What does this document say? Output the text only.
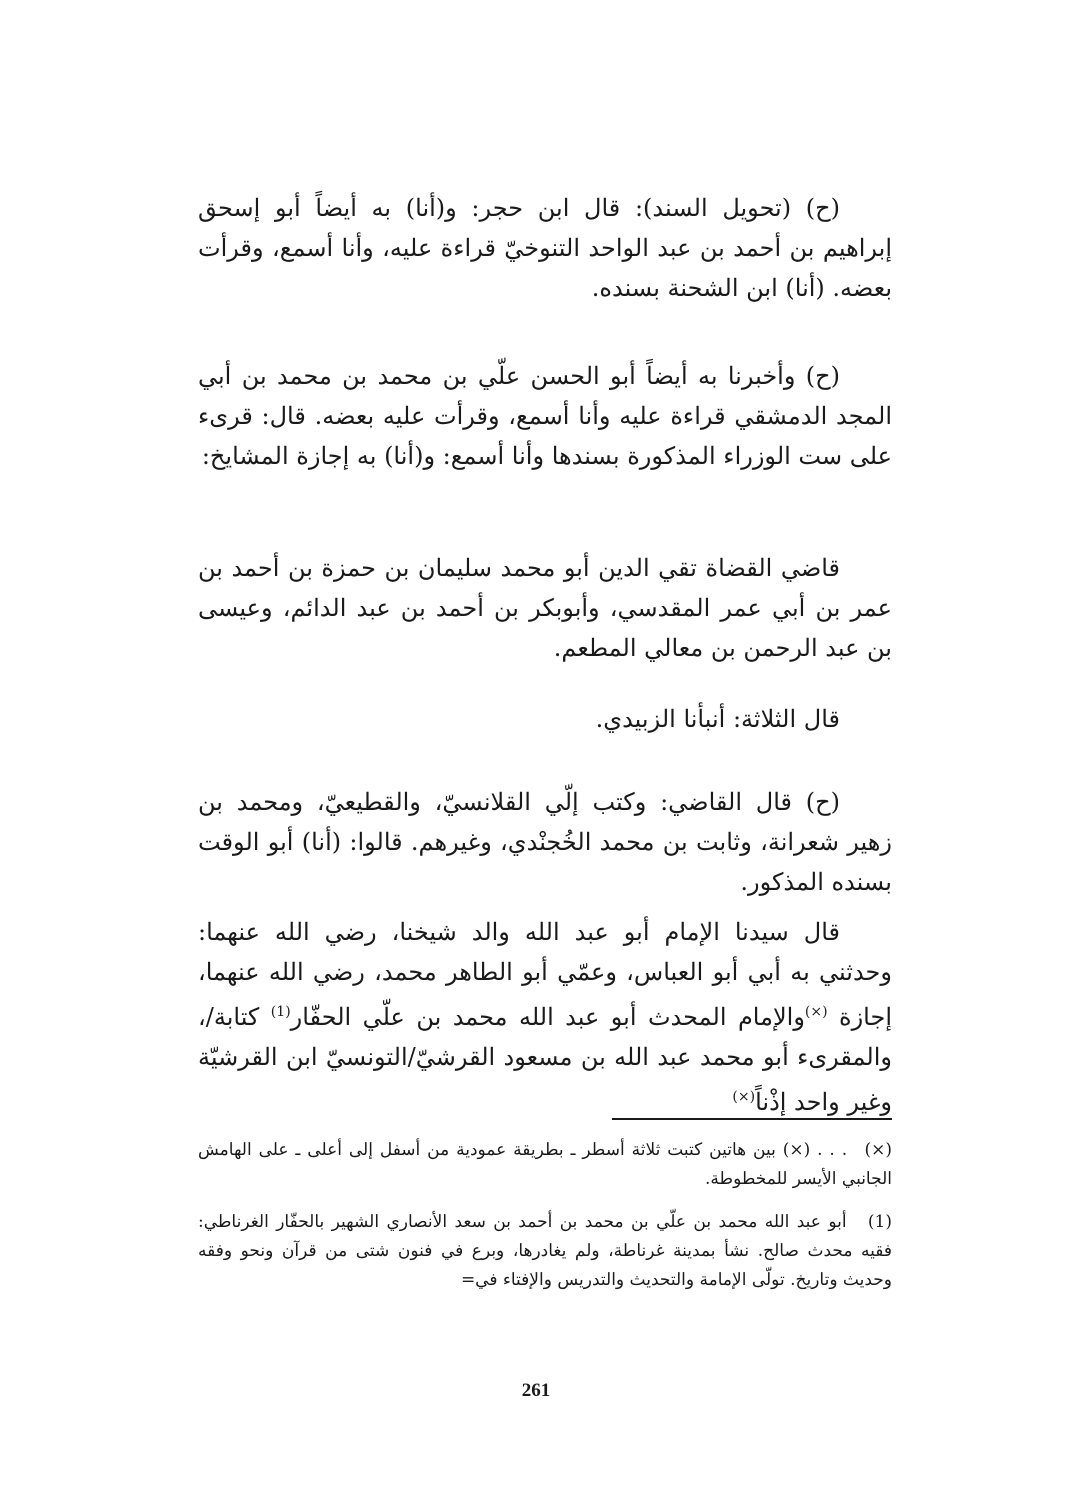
(ح) (تحويل السند): قال ابن حجر: و(أنا) به أيضاً أبو إسحق إبراهيم بن أحمد بن عبد الواحد التنوخيّ قراءة عليه، وأنا أسمع، وقرأت بعضه. (أنا) ابن الشحنة بسنده.

(ح) وأخبرنا به أيضاً أبو الحسن علّي بن محمد بن محمد بن أبي المجد الدمشقي قراءة عليه وأنا أسمع، وقرأت عليه بعضه. قال: قرىء على ست الوزراء المذكورة بسندها وأنا أسمع: و(أنا) به إجازة المشايخ:

قاضي القضاة تقي الدين أبو محمد سليمان بن حمزة بن أحمد بن عمر بن أبي عمر المقدسي، وأبوبكر بن أحمد بن عبد الدائم، وعيسى بن عبد الرحمن بن معالي المطعم.

قال الثلاثة: أنبأنا الزبيدي.

(ح) قال القاضي: وكتب إلّي القلانسيّ، والقطيعيّ، ومحمد بن زهير شعرانة، وثابت بن محمد الخُجنْدي، وغيرهم. قالوا: (أنا) أبو الوقت بسنده المذكور.

قال سيدنا الإمام أبو عبد الله والد شيخنا، رضي الله عنهما: وحدثني به أبي أبو العباس، وعمّي أبو الطاهر محمد، رضي الله عنهما، إجازة (×)والإمام المحدث أبو عبد الله محمد بن علّي الحفّار$^{(1)}$ كتابة/، والمقرىء أبو محمد عبد الله بن مسعود القرشيّ/التونسيّ ابن القرشيّة وغير واحد إذْناً(×)

(×) . . . (×) بين هاتين كتبت ثلاثة أسطر ـ بطريقة عمودية من أسفل إلى أعلى ـ على الهامش الجانبي الأيسر للمخطوطة.

(1) أبو عبد الله محمد بن علّي بن محمد بن أحمد بن سعد الأنصاري الشهير بالحفّار الغرناطي: فقيه محدث صالح. نشأ بمدينة غرناطة، ولم يغادرها، وبرع في فنون شتى من قرآن ونحو وفقه وحديث وتاريخ. تولّى الإمامة والتحديث والتدريس والإفتاء في=

261
